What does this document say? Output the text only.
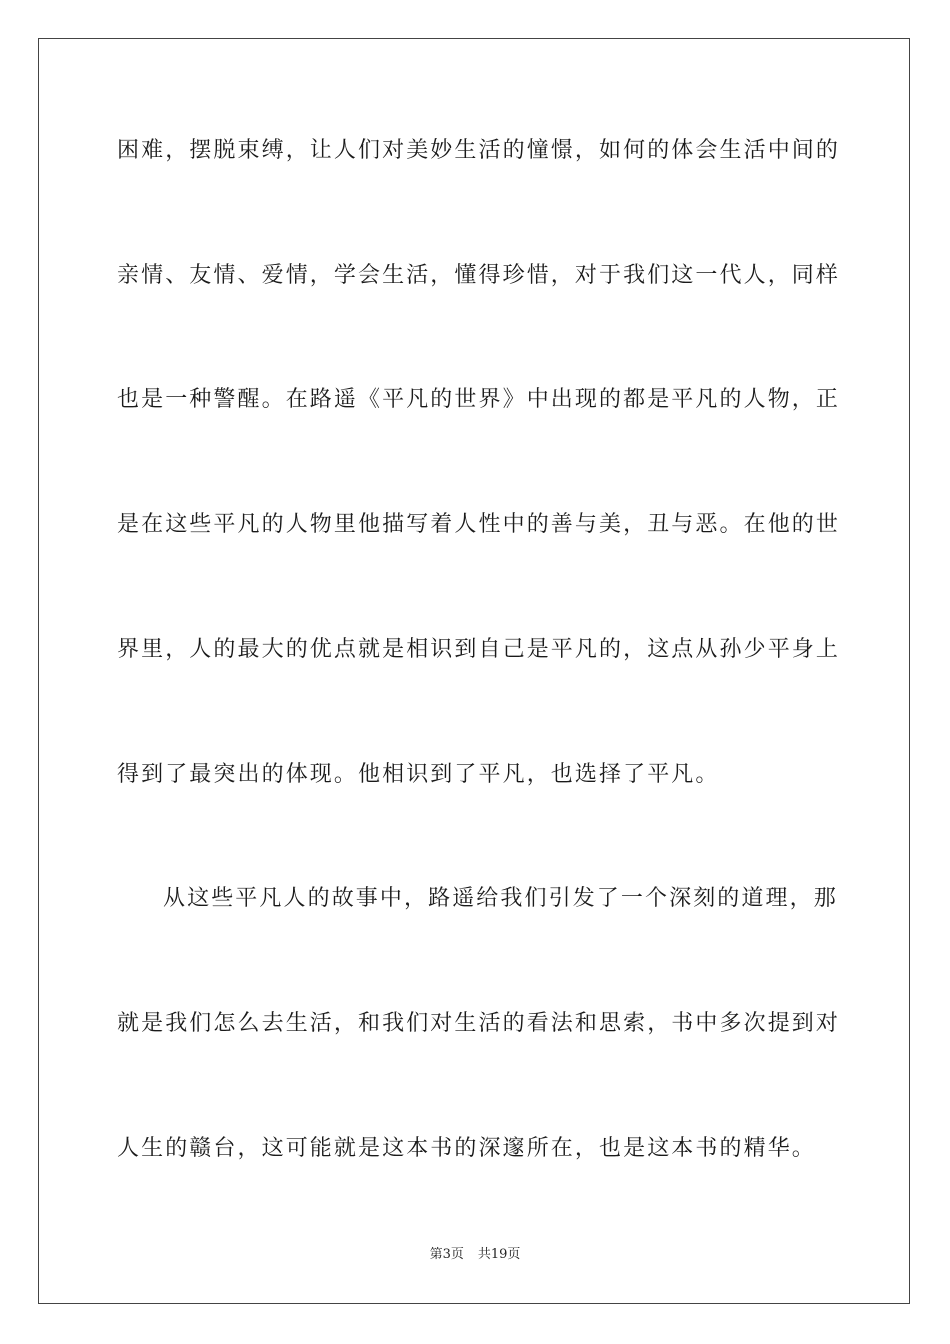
困难，摆脱束缚，让人们对美妙生活的憧憬，如何的体会生活中间的
亲情、友情、爱情，学会生活，懂得珍惜，对于我们这一代人，同样
也是一种警醒。在路遥《平凡的世界》中出现的都是平凡的人物，正
是在这些平凡的人物里他描写着人性中的善与美，丑与恶。在他的世
界里，人的最大的优点就是相识到自己是平凡的，这点从孙少平身上
得到了最突出的体现。他相识到了平凡，也选择了平凡。
从这些平凡人的故事中，路遥给我们引发了一个深刻的道理，那
就是我们怎么去生活，和我们对生活的看法和思索，书中多次提到对
人生的赣台，这可能就是这本书的深邃所在，也是这本书的精华。
第3页 共19页
